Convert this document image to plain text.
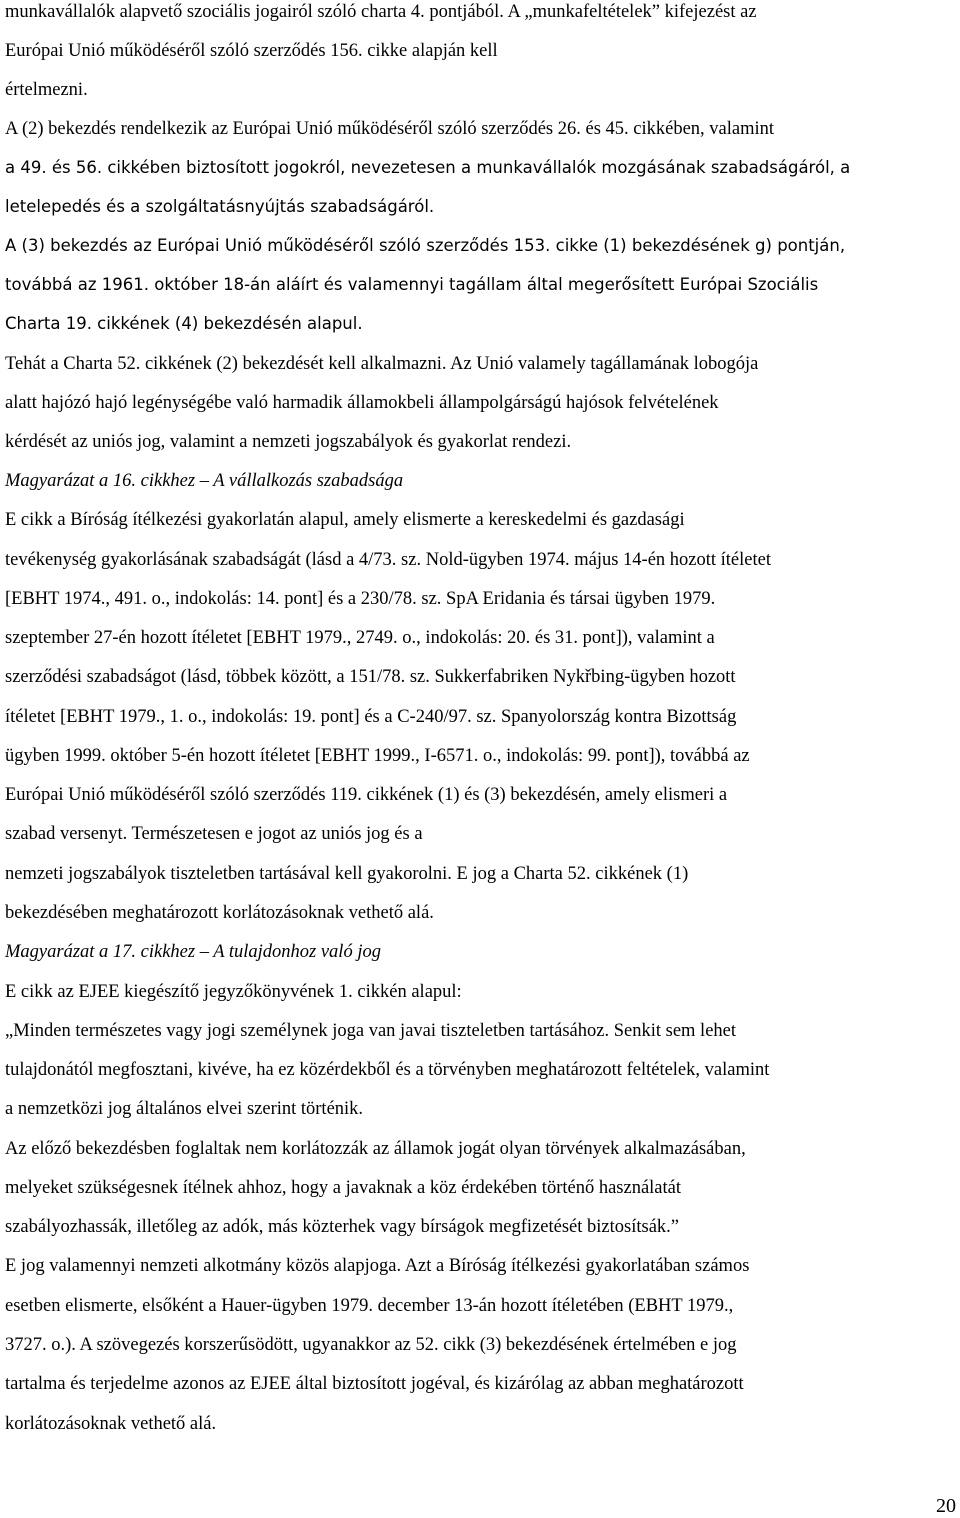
munkavállalók alapvető szociális jogairól szóló charta 4. pontjából. A „munkafeltételek” kifejezést az

Európai Unió működéséről szóló szerződés 156. cikke alapján kell

értelmezni.

A (2) bekezdés rendelkezik az Európai Unió működéséről szóló szerződés 26. és 45. cikkében, valamint

a 49. és 56. cikkében biztosított jogokról, nevezetesen a munkavállalók mozgásának szabadságáról, a

letelepedés és a szolgáltatásnyújtás szabadságáról.

A (3) bekezdés az Európai Unió működéséről szóló szerződés 153. cikke (1) bekezdésének g) pontján,

továbbá az 1961. október 18-án aláírt és valamennyi tagállam által megerősített Európai Szociális

Charta 19. cikkének (4) bekezdésén alapul.

Tehát a Charta 52. cikkének (2) bekezdését kell alkalmazni. Az Unió valamely tagállamának lobogója

alatt hajózó hajó legénységébe való harmadik államokbeli állampolgárságú hajósok felvételének

kérdését az uniós jog, valamint a nemzeti jogszabályok és gyakorlat rendezi.

Magyarázat a 16. cikkhez – A vállalkozás szabadsága

E cikk a Bíróság ítélkezési gyakorlatán alapul, amely elismerte a kereskedelmi és gazdasági

tevékenység gyakorlásának szabadságát (lásd a 4/73. sz. Nold-ügyben 1974. május 14-én hozott ítéletet

[EBHT 1974., 491. o., indokolás: 14. pont] és a 230/78. sz. SpA Eridania és társai ügyben 1979.

szeptember 27-én hozott ítéletet [EBHT 1979., 2749. o., indokolás: 20. és 31. pont]), valamint a

szerződési szabadságot (lásd, többek között, a 151/78. sz. Sukkerfabriken Nykřbing-ügyben hozott

ítéletet [EBHT 1979., 1. o., indokolás: 19. pont] és a C-240/97. sz. Spanyolország kontra Bizottság

ügyben 1999. október 5-én hozott ítéletet [EBHT 1999., I-6571. o., indokolás: 99. pont]), továbbá az

Európai Unió működéséről szóló szerződés 119. cikkének (1) és (3) bekezdésén, amely elismeri a

szabad versenyt. Természetesen e jogot az uniós jog és a

nemzeti jogszabályok tiszteletben tartásával kell gyakorolni. E jog a Charta 52. cikkének (1)

bekezdésében meghatározott korlátozásoknak vethető alá.

Magyarázat a 17. cikkhez – A tulajdonhoz való jog

E cikk az EJEE kiegészítő jegyzőkönyvének 1. cikkén alapul:

„Minden természetes vagy jogi személynek joga van javai tiszteletben tartásához. Senkit sem lehet

tulajdonától megfosztani, kivéve, ha ez közérdekből és a törvényben meghatározott feltételek, valamint

a nemzetközi jog általános elvei szerint történik.

Az előző bekezdésben foglaltak nem korlátozzák az államok jogát olyan törvények alkalmazásában,

melyeket szükségesnek ítélnek ahhoz, hogy a javaknak a köz érdekében történő használatát

szabályozhassák, illetőleg az adók, más közterhek vagy bírságok megfizetését biztosítsák.”

E jog valamennyi nemzeti alkotmány közös alapjoga. Azt a Bíróság ítélkezési gyakorlatában számos

esetben elismerte, elsőként a Hauer-ügyben 1979. december 13-án hozott ítéletében (EBHT 1979.,

3727. o.). A szövegezés korszerűsödött, ugyanakkor az 52. cikk (3) bekezdésének értelmében e jog

tartalma és terjedelme azonos az EJEE által biztosított jogéval, és kizárólag az abban meghatározott

korlátozásoknak vethető alá.

20
